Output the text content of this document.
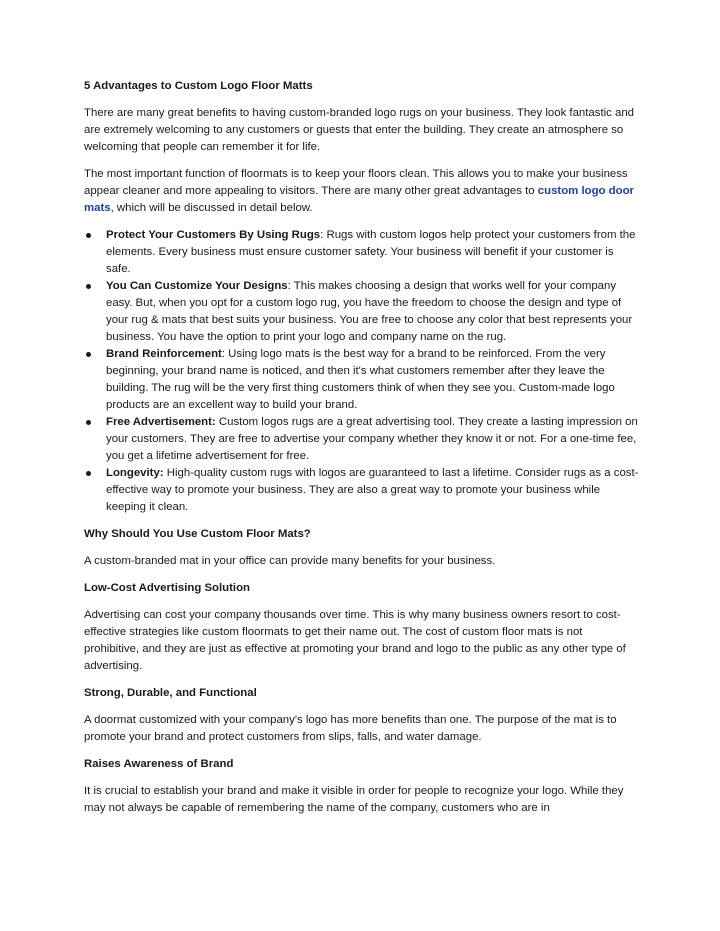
5 Advantages to Custom Logo Floor Matts

There are many great benefits to having custom-branded logo rugs on your business. They look fantastic and are extremely welcoming to any customers or guests that enter the building. They create an atmosphere so welcoming that people can remember it for life.

The most important function of floormats is to keep your floors clean. This allows you to make your business appear cleaner and more appealing to visitors. There are many other great advantages to custom logo door mats, which will be discussed in detail below.

Protect Your Customers By Using Rugs: Rugs with custom logos help protect your customers from the elements. Every business must ensure customer safety. Your business will benefit if your customer is safe.
You Can Customize Your Designs: This makes choosing a design that works well for your company easy. But, when you opt for a custom logo rug, you have the freedom to choose the design and type of your rug & mats that best suits your business. You are free to choose any color that best represents your business. You have the option to print your logo and company name on the rug.
Brand Reinforcement: Using logo mats is the best way for a brand to be reinforced. From the very beginning, your brand name is noticed, and then it's what customers remember after they leave the building. The rug will be the very first thing customers think of when they see you. Custom-made logo products are an excellent way to build your brand.
Free Advertisement: Custom logos rugs are a great advertising tool. They create a lasting impression on your customers. They are free to advertise your company whether they know it or not. For a one-time fee, you get a lifetime advertisement for free.
Longevity: High-quality custom rugs with logos are guaranteed to last a lifetime. Consider rugs as a cost-effective way to promote your business. They are also a great way to promote your business while keeping it clean.
Why Should You Use Custom Floor Mats?

A custom-branded mat in your office can provide many benefits for your business.

Low-Cost Advertising Solution

Advertising can cost your company thousands over time. This is why many business owners resort to cost-effective strategies like custom floormats to get their name out. The cost of custom floor mats is not prohibitive, and they are just as effective at promoting your brand and logo to the public as any other type of advertising.

Strong, Durable, and Functional

A doormat customized with your company's logo has more benefits than one. The purpose of the mat is to promote your brand and protect customers from slips, falls, and water damage.

Raises Awareness of Brand

It is crucial to establish your brand and make it visible in order for people to recognize your logo. While they may not always be capable of remembering the name of the company, customers who are in
